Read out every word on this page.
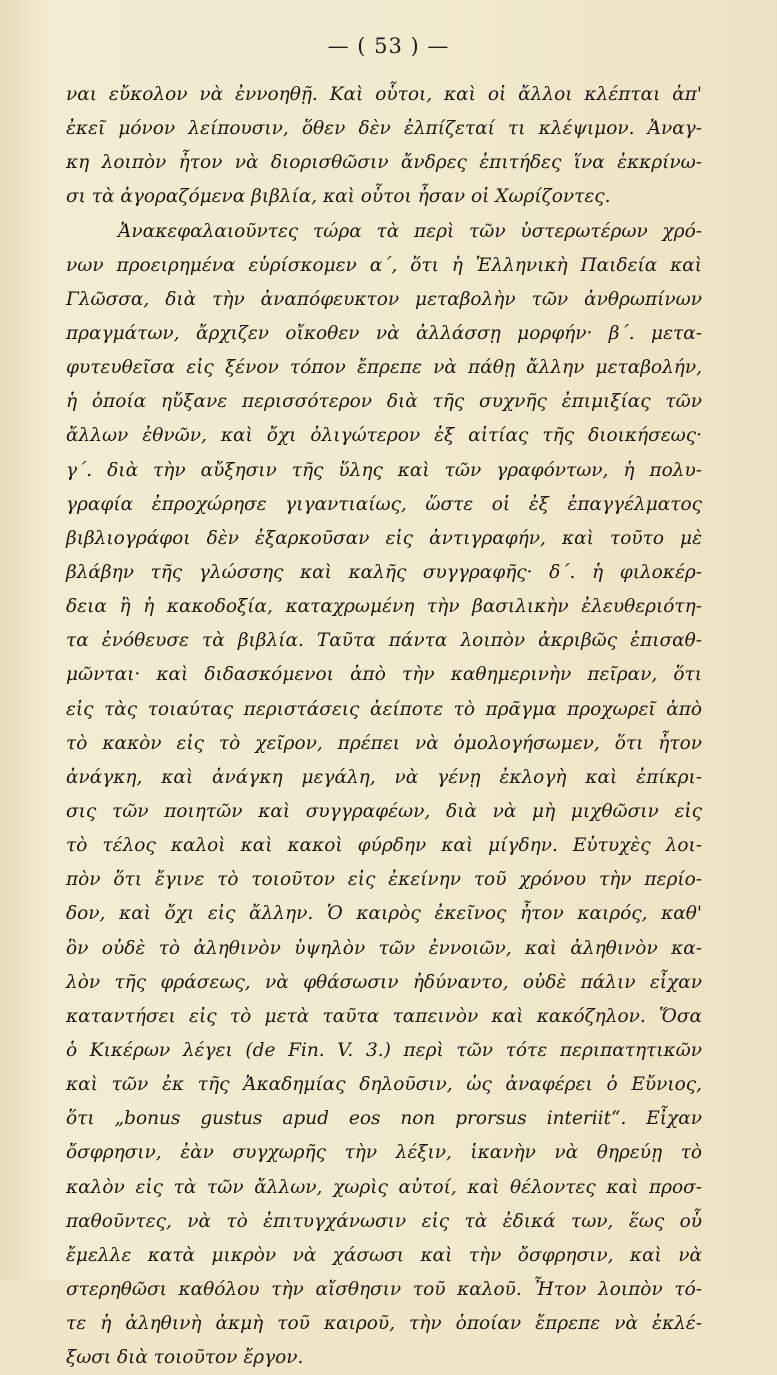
— ( 53 ) —
ναι εὔκολον νὰ ἐννοηθῇ. Καὶ οὗτοι, καὶ οἱ ἄλλοι κλέπται ἀπ'
ἐκεῖ μόνον λείπουσιν, ὅθεν δὲν ἐλπίζεταί τι κλέψιμον. Ἀναγ-
κη λοιπὸν ἦτον νὰ διορισθῶσιν ἄνδρες ἐπιτήδες ἵνα ἐκκρίνω-
σι τὰ ἀγοραζόμενα βιβλία, καὶ οὗτοι ἦσαν οἱ Χωρίζοντες.
Ἀνακεφαλαιοῦντες τώρα τὰ περὶ τῶν ὑστερωτέρων χρό-
νων προειρημένα εὑρίσκομεν α΄, ὅτι ἡ Ἑλληνικὴ Παιδεία καὶ
Γλῶσσα, διὰ τὴν ἀναπόφευκτον μεταβολὴν τῶν ἀνθρωπίνων
πραγμάτων, ἄρχιζεν οἴκοθεν νὰ ἀλλάσσῃ μορφήν· β΄. μετα-
φυτευθεῖσα εἰς ξένον τόπον ἔπρεπε νὰ πάθῃ ἄλλην μεταβολήν,
ἡ ὁποία ηὔξανε περισσότερον διὰ τῆς συχνῆς ἐπιμιξίας τῶν
ἄλλων ἐθνῶν, καὶ ὄχι ὀλιγώτερον ἐξ αἰτίας τῆς διοικήσεως·
γ΄. διὰ τὴν αὔξησιν τῆς ὕλης καὶ τῶν γραφόντων, ἡ πολυ-
γραφία ἐπροχώρησε γιγαντιαίως, ὥστε οἱ ἐξ ἐπαγγέλματος
βιβλιογράφοι δὲν ἐξαρκοῦσαν εἰς ἀντιγραφήν, καὶ τοῦτο μὲ
βλάβην τῆς γλώσσης καὶ καλῆς συγγραφῆς· δ΄. ἡ φιλοκέρ-
δεια ἢ ἡ κακοδοξία, καταχρωμένη τὴν βασιλικὴν ἐλευθεριότη-
τα ἐνόθευσε τὰ βιβλία. Ταῦτα πάντα λοιπὸν ἀκριβῶς ἐπισαθ-
μῶνται· καὶ διδασκόμενοι ἀπὸ τὴν καθημερινὴν πεῖραν, ὅτι
εἰς τὰς τοιαύτας περιστάσεις ἀείποτε τὸ πρᾶγμα προχωρεῖ ἀπὸ
τὸ κακὸν εἰς τὸ χεῖρον, πρέπει νὰ ὁμολογήσωμεν, ὅτι ἦτον
ἀνάγκη, καὶ ἀνάγκη μεγάλη, νὰ γένῃ ἐκλογὴ καὶ ἐπίκρι-
σις τῶν ποιητῶν καὶ συγγραφέων, διὰ νὰ μὴ μιχθῶσιν εἰς
τὸ τέλος καλοὶ καὶ κακοὶ φύρδην καὶ μίγδην. Εὐτυχὲς λοι-
πὸν ὅτι ἔγινε τὸ τοιοῦτον εἰς ἐκείνην τοῦ χρόνου τὴν περίο-
δον, καὶ ὄχι εἰς ἄλλην. Ὁ καιρὸς ἐκεῖνος ἦτον καιρός, καθ'
ὃν οὐδὲ τὸ ἀληθινὸν ὑψηλὸν τῶν ἐννοιῶν, καὶ ἀληθινὸν κα-
λὸν τῆς φράσεως, νὰ φθάσωσιν ἠδύναντο, οὐδὲ πάλιν εἶχαν
καταντήσει εἰς τὸ μετὰ ταῦτα ταπεινὸν καὶ κακόζηλον. Ὅσα
ὁ Κικέρων λέγει (de Fin. V. 3.) περὶ τῶν τότε περιπατητικῶν
καὶ τῶν ἐκ τῆς Ἀκαδημίας δηλοῦσιν, ὡς ἀναφέρει ὁ Εὔνιος,
ὅτι „bonus gustus apud eos non prorsus interiit“. Εἶχαν
ὄσφρησιν, ἐὰν συγχωρῆς τὴν λέξιν, ἱκανὴν νὰ θηρεύῃ τὸ
καλὸν εἰς τὰ τῶν ἄλλων, χωρὶς αὐτοί, καὶ θέλοντες καὶ προσ-
παθοῦντες, νὰ τὸ ἐπιτυγχάνωσιν εἰς τὰ ἐδικά των, ἕως οὗ
ἔμελλε κατὰ μικρὸν νὰ χάσωσι καὶ τὴν ὄσφρησιν, καὶ νὰ
στερηθῶσι καθόλου τὴν αἴσθησιν τοῦ καλοῦ. Ἦτον λοιπὸν τό-
τε ἡ ἀληθινὴ ἀκμὴ τοῦ καιροῦ, τὴν ὁποίαν ἔπρεπε νὰ ἐκλέ-
ξωσι διὰ τοιοῦτον ἔργον.
